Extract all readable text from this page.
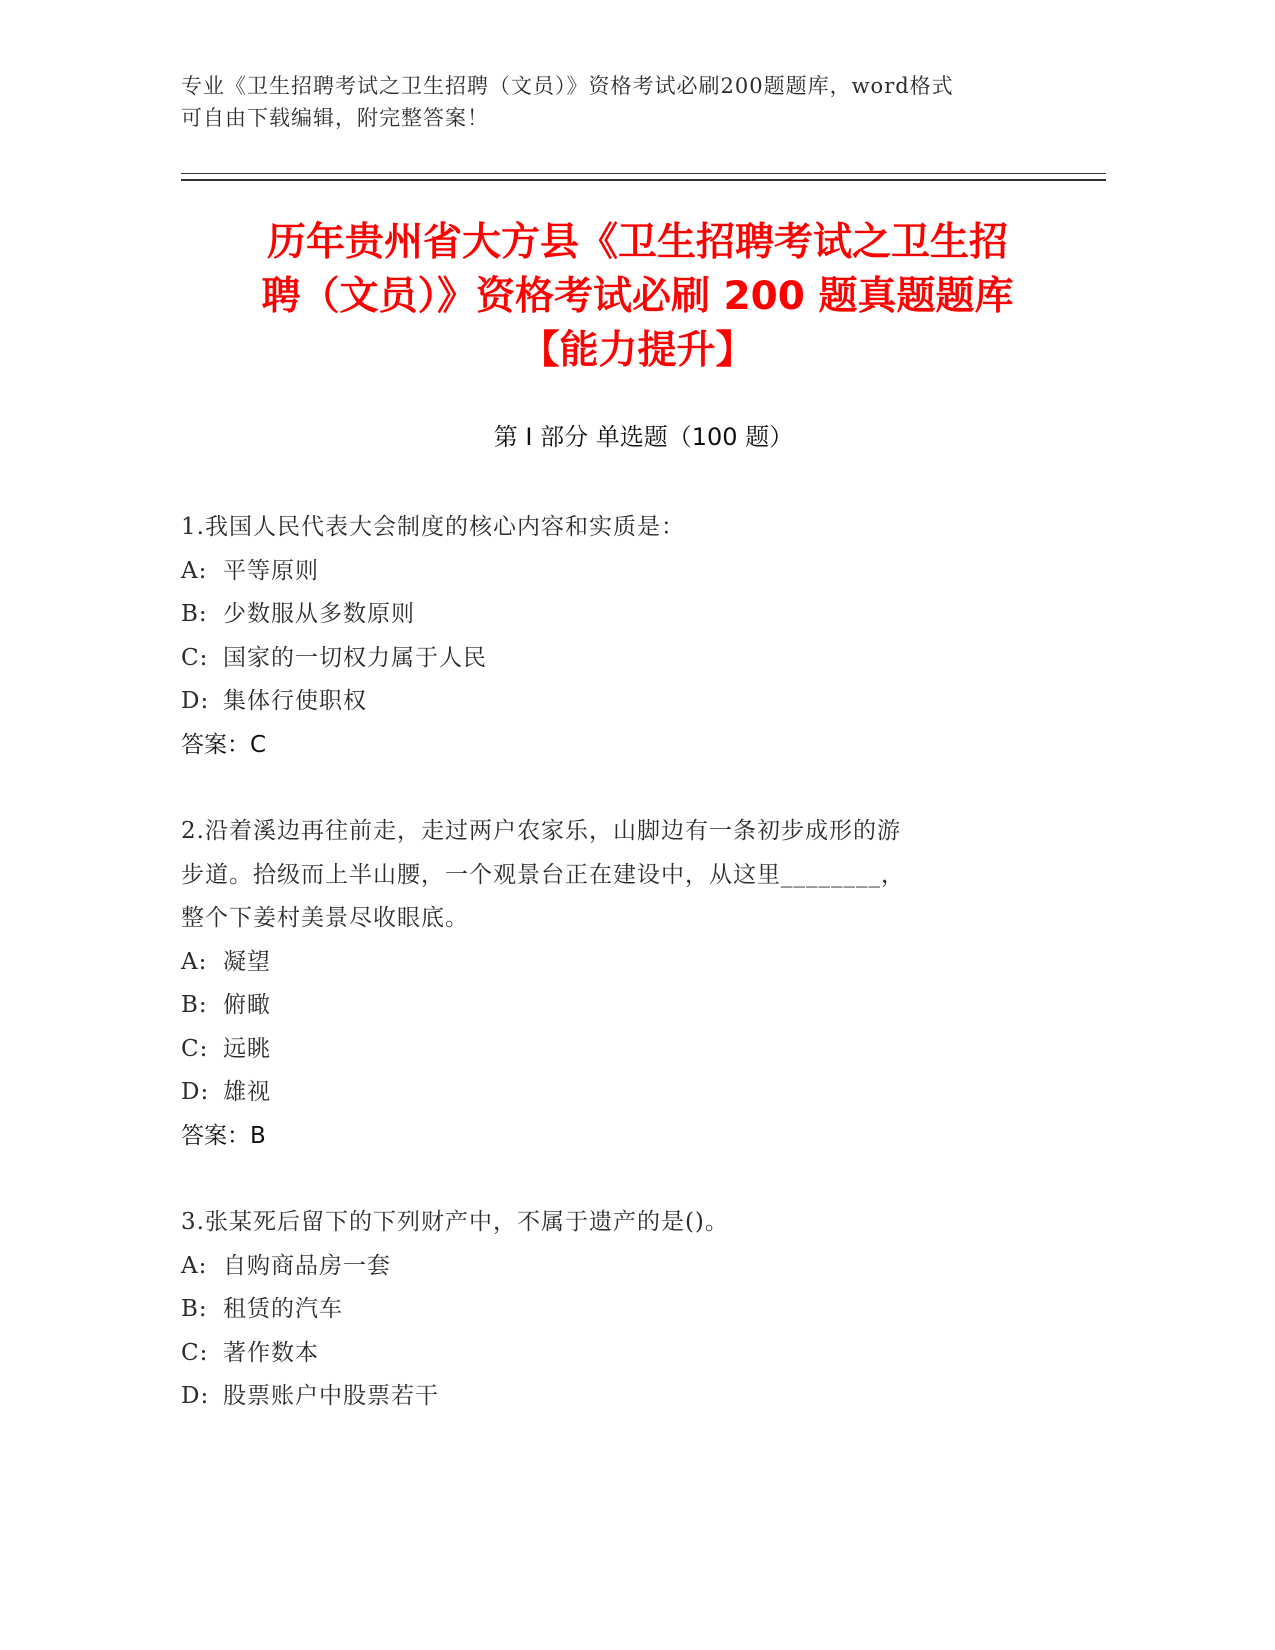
专业《卫生招聘考试之卫生招聘（文员）》资格考试必刷200题题库，word格式
可自由下载编辑，附完整答案！
历年贵州省大方县《卫生招聘考试之卫生招
聘（文员）》资格考试必刷 200 题真题题库
【能力提升】
第 I 部分 单选题（100 题）
1.我国人民代表大会制度的核心内容和实质是：
A: 平等原则
B: 少数服从多数原则
C: 国家的一切权力属于人民
D: 集体行使职权
答案：C
2.沿着溪边再往前走，走过两户农家乐，山脚边有一条初步成形的游
步道。拾级而上半山腰，一个观景台正在建设中，从这里________，
整个下姜村美景尽收眼底。
A: 凝望
B: 俯瞰
C: 远眺
D: 雄视
答案：B
3.张某死后留下的下列财产中，不属于遗产的是()。
A: 自购商品房一套
B: 租赁的汽车
C: 著作数本
D: 股票账户中股票若干
